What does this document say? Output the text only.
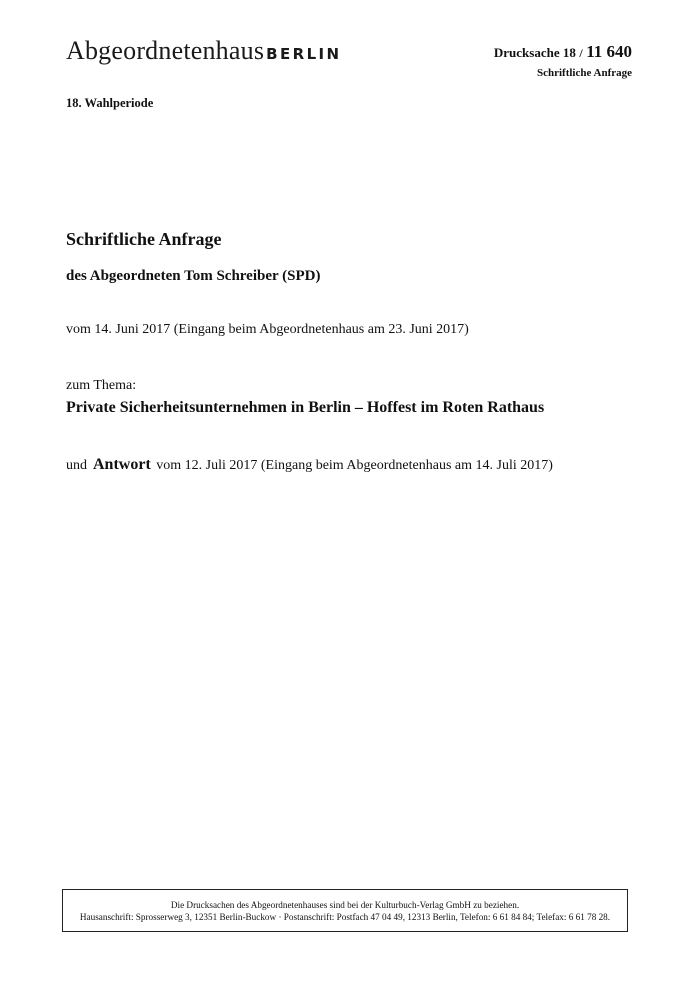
Abgeordnetenhaus BERLIN	Drucksache 18 / 11 640
Schriftliche Anfrage
18. Wahlperiode
Schriftliche Anfrage
des Abgeordneten Tom Schreiber (SPD)
vom 14. Juni 2017 (Eingang beim Abgeordnetenhaus am 23. Juni 2017)
zum Thema:
Private Sicherheitsunternehmen in Berlin – Hoffest im Roten Rathaus
und Antwort vom 12. Juli 2017 (Eingang beim Abgeordnetenhaus am 14. Juli 2017)
Die Drucksachen des Abgeordnetenhauses sind bei der Kulturbuch-Verlag GmbH zu beziehen.
Hausanschrift: Sprosserweg 3, 12351 Berlin-Buckow · Postanschrift: Postfach 47 04 49, 12313 Berlin, Telefon: 6 61 84 84; Telefax: 6 61 78 28.
